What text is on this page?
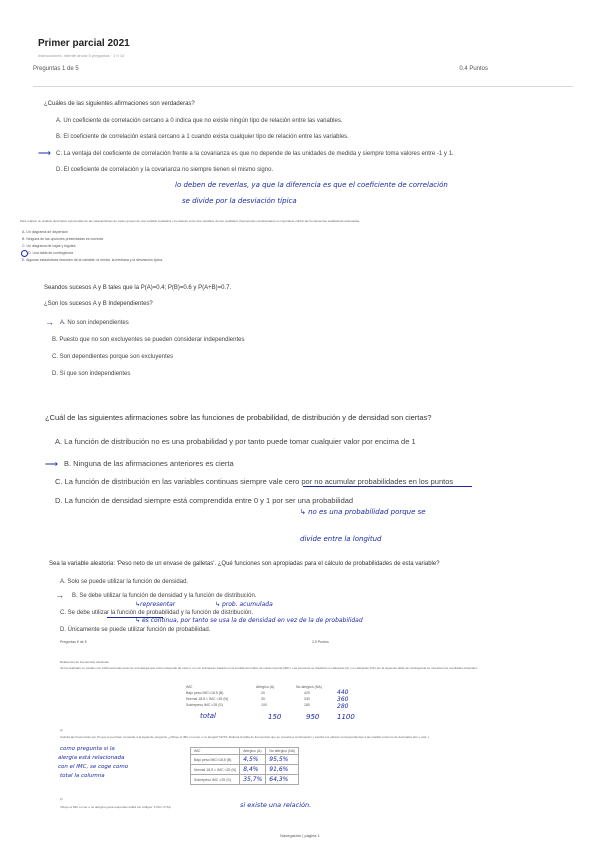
Primer parcial 2021
Instrucciones: Intente ahora 5 preguntas · 1 h 14
Preguntas 1 de 5	0.4 Puntos
¿Cuáles de las siguientes afirmaciones son verdaderas?
A. Un coeficiente de correlación cercano a 0 indica que no existe ningún tipo de relación entre las variables.
B. El coeficiente de correlación estará cercano a 1 cuando exista cualquier tipo de relación entre las variables.
⟶ C. La ventaja del coeficiente de correlación frente a la covarianza es que no depende de las unidades de medida y siempre toma valores entre -1 y 1.
D. El coeficiente de correlación y la covarianza no siempre tienen el mismo signo.
lo deben de reverlas, ya que la diferencia es que el coeficiente de correlación
se divide por la desviación típica
Para realizar un análisis descriptivo aproximado de las características de varios grupos de una variable cualitativa y la relación entre dos variables de tipo cualitativo (frecuencias condicionales) es importante utilizar las herramientas estadísticas adecuadas.
A. Un diagrama de dispersión
B. Ninguna de las opciones presentadas es correcta
C. Un diagrama de cajas y bigotes
D. Una tabla de contingencia
E. Algunas estadísticas resumen de la variable: la media, la mediana y la desviación típica.
Seandos sucesos A y B tales que la P(A)=0.4; P(B)=0.6 y P(A+B)=0.7.
¿Son los sucesos A y B Independientes?
→ A. No son independientes
B. Puesto que no son excluyentes se pueden considerar independientes
C. Son dependientes porque son excluyentes
D. Si que son independientes
¿Cuál de las siguientes afirmaciones sobre las funciones de probabilidad, de distribución y de densidad son ciertas?
A. La función de distribución no es una probabilidad y por tanto puede tomar cualquier valor por encima de 1
⟶ B. Ninguna de las afirmaciones anteriores es cierta
C. La función de distribución en las variables continuas siempre vale cero por no acumular probabilidades en los puntos
D. La función de densidad siempre está comprendida entre 0 y 1 por ser una probabilidad
↳ no es una probabilidad porque se
divide entre la longitud
Sea la variable aleatoria: 'Peso neto de un envase de galletas'. ¿Qué funciones son apropiadas para el cálculo de probabilidades de esta variable?
A. Solo se puede utilizar la función de densidad.
→ B. Se debe utilizar la función de densidad y la función de distribución.
↳representar	↳ prob. acumulada
C. Se debe utilizar la función de probabilidad y la función de distribución.
↳ es continua, por tanto se usa la de densidad en vez de la de probabilidad
D. Únicamente se puede utilizar función de probabilidad.
Preguntas 5 de 5	2.5 Puntos
Relaciones de frecuencias absolutas
Se ha realizado un estudio con 1100 personas para ver si la alergia que sufren depende de estar o no con sobrepeso basado en la medida del índice de masa corporal (IMC). Las personas se clasifican en alérgicas (A) y no alérgicas (NA). En la siguiente tabla de contingencia se muestran los resultados obtenidos:
IMC	Alérgico (A)	No alérgico (NA)
Bajo peso IMC<18,5 (B)	20	420
Normal 18,5 < IMC <25 (N)	30	330
Sobrepeso IMC >25 (S)	100	180
440
360
280
total	150	950	1100
a)
Calcula las frecuencias (en %) que te permiten contestar a la siguiente pregunta: ¿Influye el IMC en tener o no alergia? NOTA: Rellena la tabla de frecuencias que se muestra a continuación y escribe los valores correspondientes a las casillas (número de decimales dos y usar ,)
IMC	Alérgico (A)	No alérgico (NA)
Bajo peso IMC<18,5 (B)	4,5%	95,5%
Normal 18,5 < IMC <25 (N)	8,4%	91,6%
Sobrepeso IMC >25 (S)	35,7%	64,3%
como pregunta si la
alergia está relacionada
con el IMC, se coge como
total la columna
b)
Influye el IMC en ser o no alérgico (para responder utiliza los códigos: 1=NO; 2=SI).	si existe una relación.
Navegación | página 1
